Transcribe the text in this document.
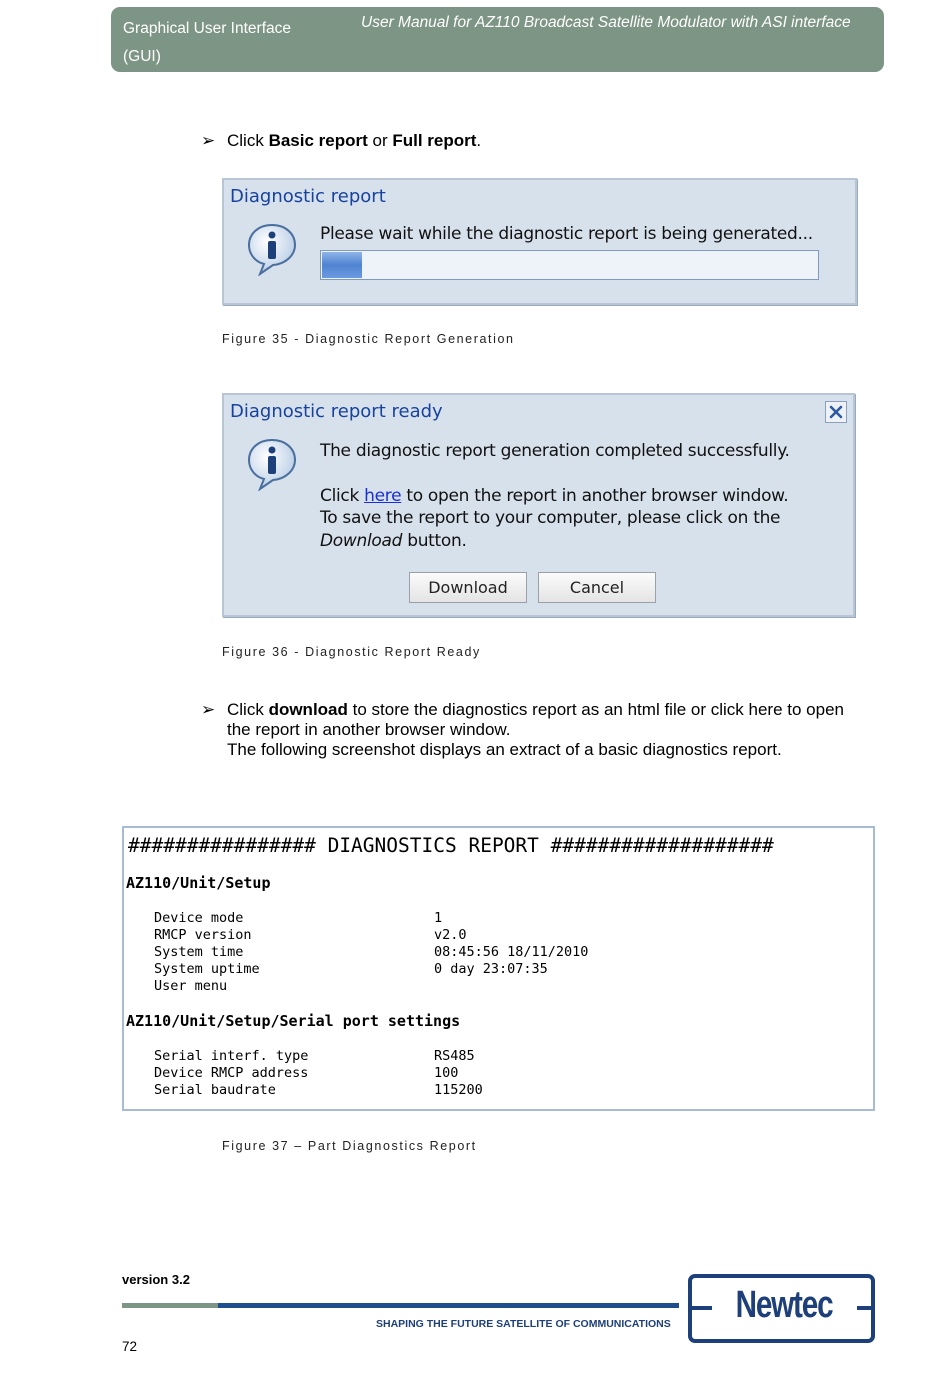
Graphical User Interface
(GUI)
User Manual for AZ110 Broadcast Satellite Modulator with ASI interface
➢ Click Basic report or Full report.
Diagnostic report
Please wait while the diagnostic report is being generated...
Figure 35 - Diagnostic Report Generation
Diagnostic report ready
The diagnostic report generation completed successfully.
Click here to open the report in another browser window.
To save the report to your computer, please click on the
Download button.
Download	Cancel
Figure 36 - Diagnostic Report Ready
➢ Click download to store the diagnostics report as an html file or click here to open
the report in another browser window.
The following screenshot displays an extract of a basic diagnostics report.
################ DIAGNOSTICS REPORT ###################
AZ110/Unit/Setup
Device mode	1
RMCP version	v2.0
System time	08:45:56 18/11/2010
System uptime	0 day 23:07:35
User menu
AZ110/Unit/Setup/Serial port settings
Serial interf. type	RS485
Device RMCP address	100
Serial baudrate	115200
Figure 37 – Part Diagnostics Report
version 3.2
SHAPING THE FUTURE SATELLITE OF COMMUNICATIONS
72
Newtec
